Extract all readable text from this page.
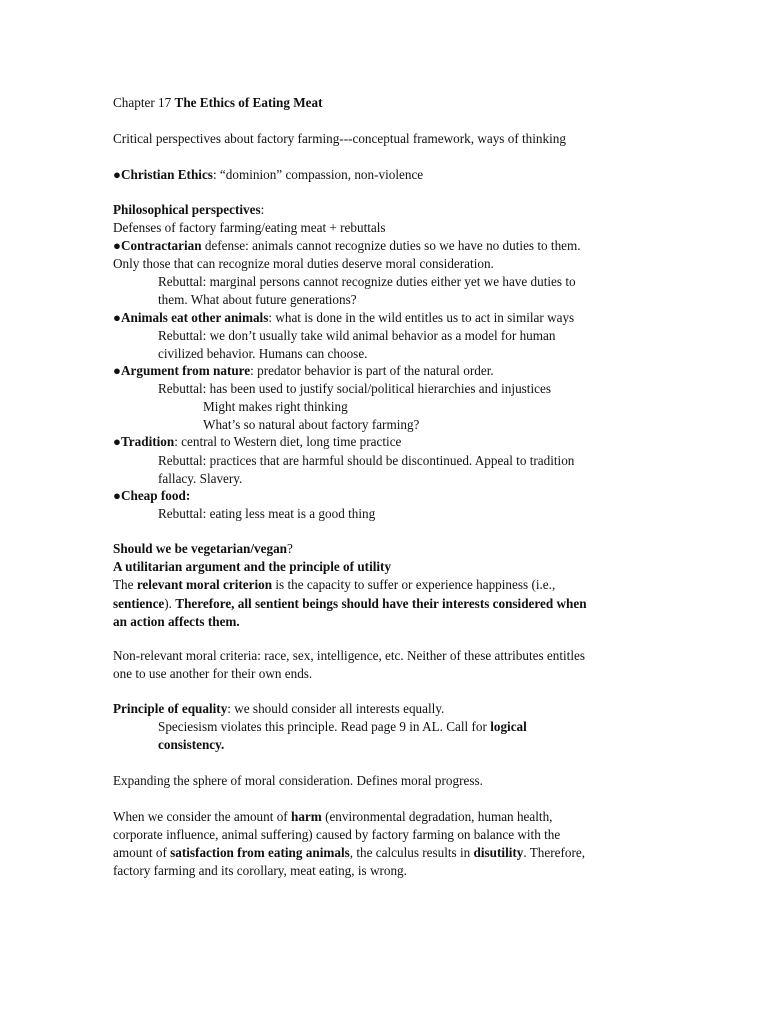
Chapter 17 The Ethics of Eating Meat
Critical perspectives about factory farming---conceptual framework, ways of thinking
●Christian Ethics: “dominion” compassion, non-violence
Philosophical perspectives:
Defenses of factory farming/eating meat + rebuttals
●Contractarian defense: animals cannot recognize duties so we have no duties to them.
Only those that can recognize moral duties deserve moral consideration.
Rebuttal: marginal persons cannot recognize duties either yet we have duties to
them. What about future generations?
●Animals eat other animals: what is done in the wild entitles us to act in similar ways
Rebuttal: we don’t usually take wild animal behavior as a model for human
civilized behavior. Humans can choose.
●Argument from nature: predator behavior is part of the natural order.
Rebuttal: has been used to justify social/political hierarchies and injustices
Might makes right thinking
What’s so natural about factory farming?
●Tradition: central to Western diet, long time practice
Rebuttal: practices that are harmful should be discontinued. Appeal to tradition
fallacy. Slavery.
●Cheap food:
Rebuttal: eating less meat is a good thing
Should we be vegetarian/vegan?
A utilitarian argument and the principle of utility
The relevant moral criterion is the capacity to suffer or experience happiness (i.e.,
sentience). Therefore, all sentient beings should have their interests considered when
an action affects them.
Non-relevant moral criteria: race, sex, intelligence, etc. Neither of these attributes entitles
one to use another for their own ends.
Principle of equality: we should consider all interests equally.
Speciesism violates this principle. Read page 9 in AL. Call for logical
consistency.
Expanding the sphere of moral consideration. Defines moral progress.
When we consider the amount of harm (environmental degradation, human health,
corporate influence, animal suffering) caused by factory farming on balance with the
amount of satisfaction from eating animals, the calculus results in disutility. Therefore,
factory farming and its corollary, meat eating, is wrong.
